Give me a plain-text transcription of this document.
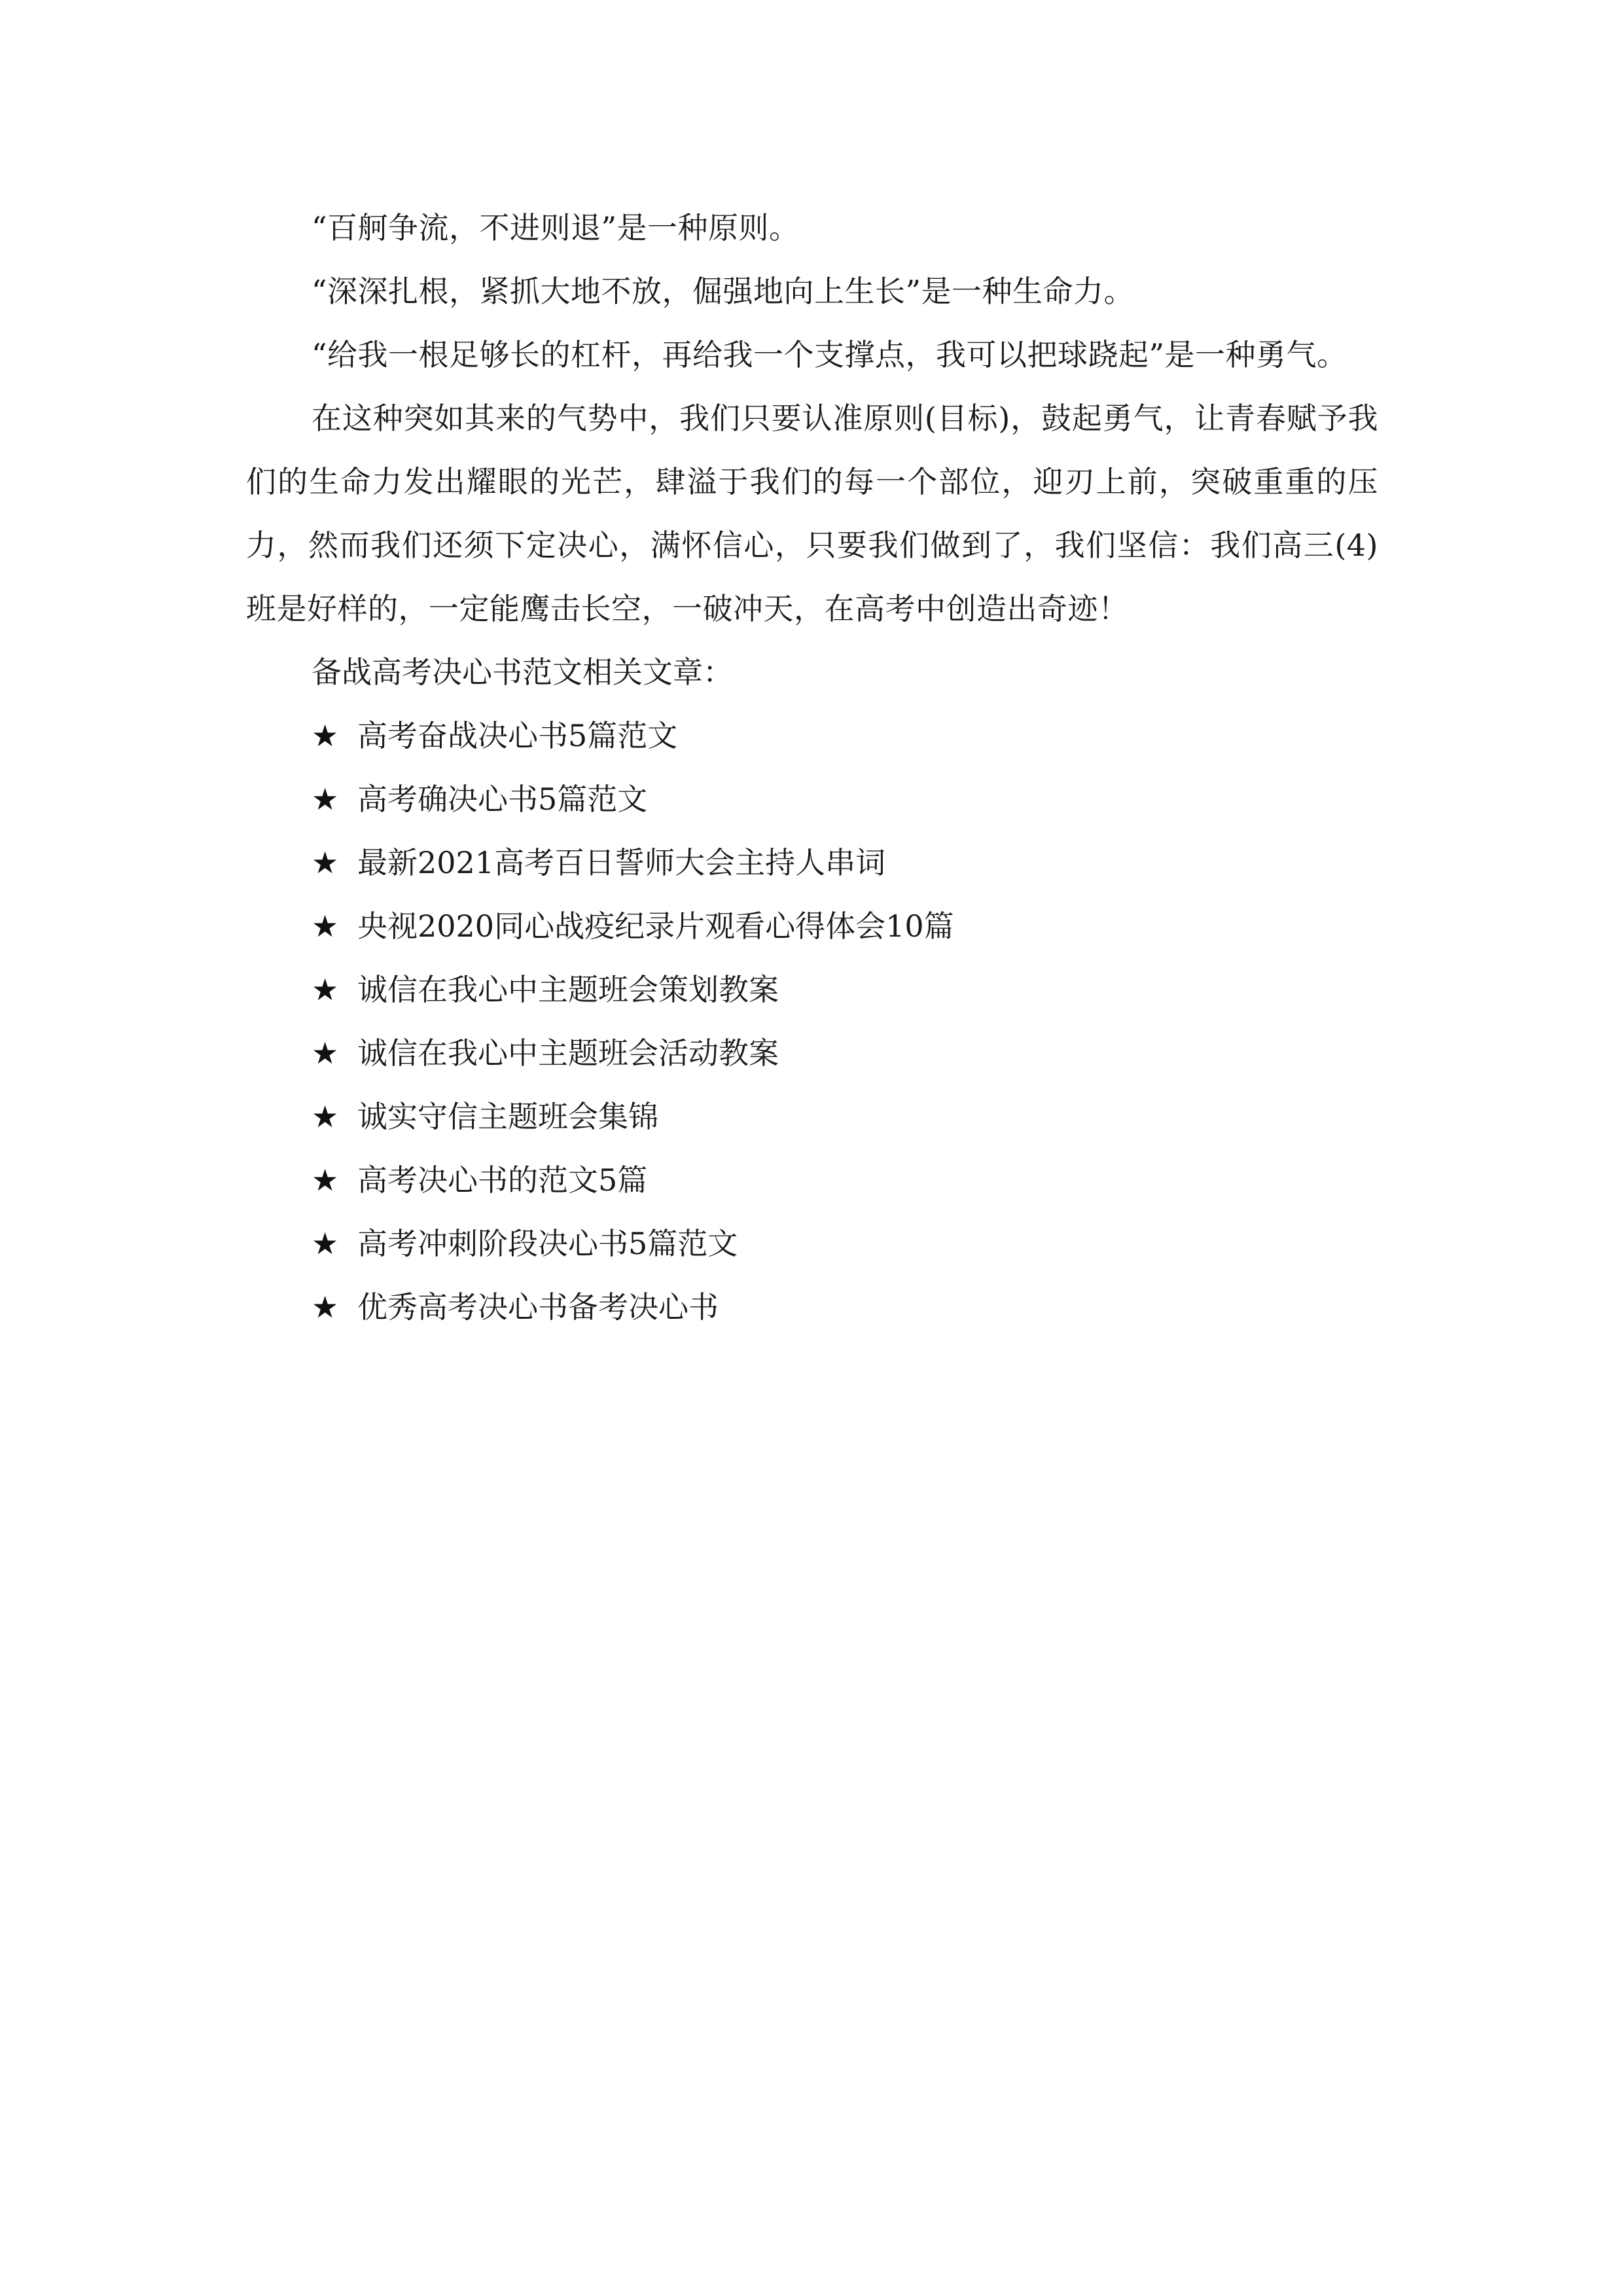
“百舸争流，不进则退”是一种原则。

“深深扎根，紧抓大地不放，倔强地向上生长”是一种生命力。

“给我一根足够长的杠杆，再给我一个支撑点，我可以把球跷起”是一种勇气。

在这种突如其来的气势中，我们只要认准原则(目标)，鼓起勇气，让青春赋予我们的生命力发出耀眼的光芒，肆溢于我们的每一个部位，迎刃上前，突破重重的压力，然而我们还须下定决心，满怀信心，只要我们做到了，我们坚信：我们高三(4)班是好样的，一定能鹰击长空，一破冲天，在高考中创造出奇迹！

备战高考决心书范文相关文章：

★ 高考奋战决心书5篇范文
★ 高考确决心书5篇范文
★ 最新2021高考百日誓师大会主持人串词
★ 央视2020同心战疫纪录片观看心得体会10篇
★ 诚信在我心中主题班会策划教案
★ 诚信在我心中主题班会活动教案
★ 诚实守信主题班会集锦
★ 高考决心书的范文5篇
★ 高考冲刺阶段决心书5篇范文
★ 优秀高考决心书备考决心书
